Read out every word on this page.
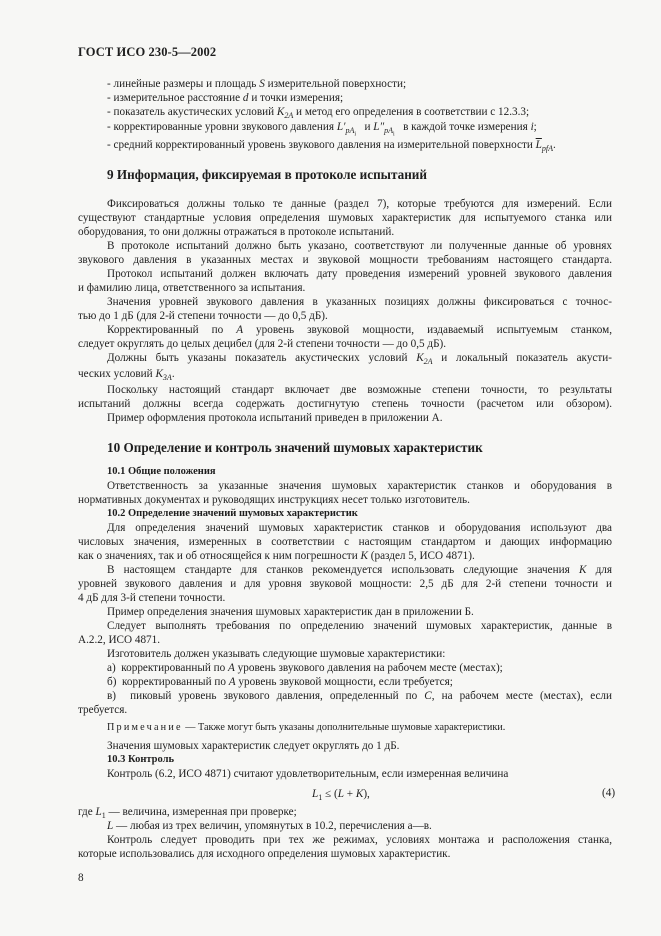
ГОСТ ИСО 230-5—2002
- линейные размеры и площадь S измерительной поверхности;
- измерительное расстояние d и точки измерения;
- показатель акустических условий $K_{2A}$ и метод его определения в соответствии с 12.3.3;
- корректированные уровни звукового давления $L'_{pA_i}$   и $L''_{pA_i}$   в каждой точке измерения i;
- средний корректированный уровень звукового давления на измерительной поверхности $\overline{L}_{pfA}$.
9 Информация, фиксируемая в протоколе испытаний
Фиксироваться должны только те данные (раздел 7), которые требуются для измерений. Если
существуют стандартные условия определения шумовых характеристик для испытуемого станка или
оборудования, то они должны отражаться в протоколе испытаний.
В протоколе испытаний должно быть указано, соответствуют ли полученные данные об уровнях
звукового давления в указанных местах и звуковой мощности требованиям настоящего стандарта.
Протокол испытаний должен включать дату проведения измерений уровней звукового давления
и фамилию лица, ответственного за испытания.
Значения уровней звукового давления в указанных позициях должны фиксироваться с точнос-
тью до 1 дБ (для 2-й степени точности — до 0,5 дБ).
Корректированный по A уровень звуковой мощности, издаваемый испытуемым станком,
следует округлять до целых децибел (для 2-й степени точности — до 0,5 дБ).
Должны быть указаны показатель акустических условий $K_{2A}$ и локальный показатель акусти-
ческих условий $K_{3A}$.
Поскольку настоящий стандарт включает две возможные степени точности, то результаты
испытаний должны всегда содержать достигнутую степень точности (расчетом или обзором).
Пример оформления протокола испытаний приведен в приложении А.
10 Определение и контроль значений шумовых характеристик
10.1 Общие положения
Ответственность за указанные значения шумовых характеристик станков и оборудования в
нормативных документах и руководящих инструкциях несет только изготовитель.
10.2 Определение значений шумовых характеристик
Для определения значений шумовых характеристик станков и оборудования используют два
числовых значения, измеренных в соответствии с настоящим стандартом и дающих информацию
как о значениях, так и об относящейся к ним погрешности K (раздел 5, ИСО 4871).
В настоящем стандарте для станков рекомендуется использовать следующие значения K для
уровней звукового давления и для уровня звуковой мощности: 2,5 дБ для 2-й степени точности и
4 дБ для 3-й степени точности.
Пример определения значения шумовых характеристик дан в приложении Б.
Следует выполнять требования по определению значений шумовых характеристик, данные в
А.2.2, ИСО 4871.
Изготовитель должен указывать следующие шумовые характеристики:
а)  корректированный по A уровень звукового давления на рабочем месте (местах);
б)  корректированный по A уровень звуковой мощности, если требуется;
в)  пиковый уровень звукового давления, определенный по C, на рабочем месте (местах), если
требуется.
Примечание — Также могут быть указаны дополнительные шумовые характеристики.
Значения шумовых характеристик следует округлять до 1 дБ.
10.3 Контроль
Контроль (6.2, ИСО 4871) считают удовлетворительным, если измеренная величина
$L_1 \le (L + K)$,	(4)
где $L_1$ — величина, измеренная при проверке;
L — любая из трех величин, упомянутых в 10.2, перечисления а—в.
Контроль следует проводить при тех же режимах, условиях монтажа и расположения станка,
которые использовались для исходного определения шумовых характеристик.
8
